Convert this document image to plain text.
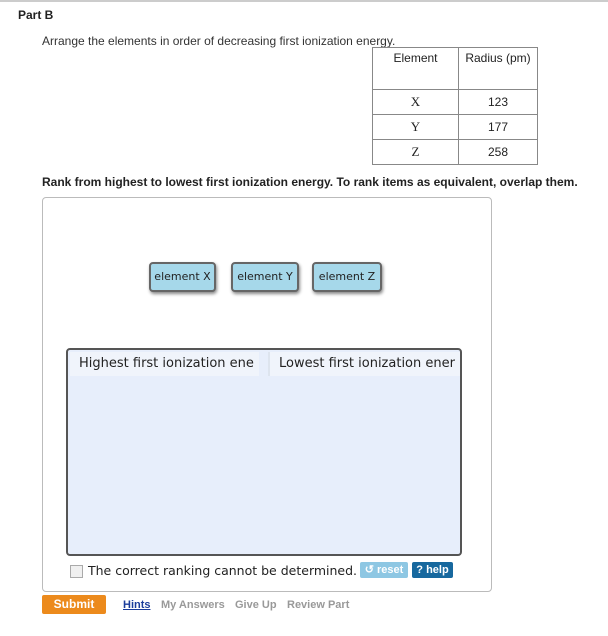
Part B
Arrange the elements in order of decreasing first ionization energy.
Element	Radius (pm)
X	123
Y	177
Z	258
Rank from highest to lowest first ionization energy. To rank items as equivalent, overlap them.
element X	element Y	element Z
Highest first ionization ene	Lowest first ionization ener
The correct ranking cannot be determined. ↺ reset	? help
Submit	Hints My Answers Give Up Review Part
